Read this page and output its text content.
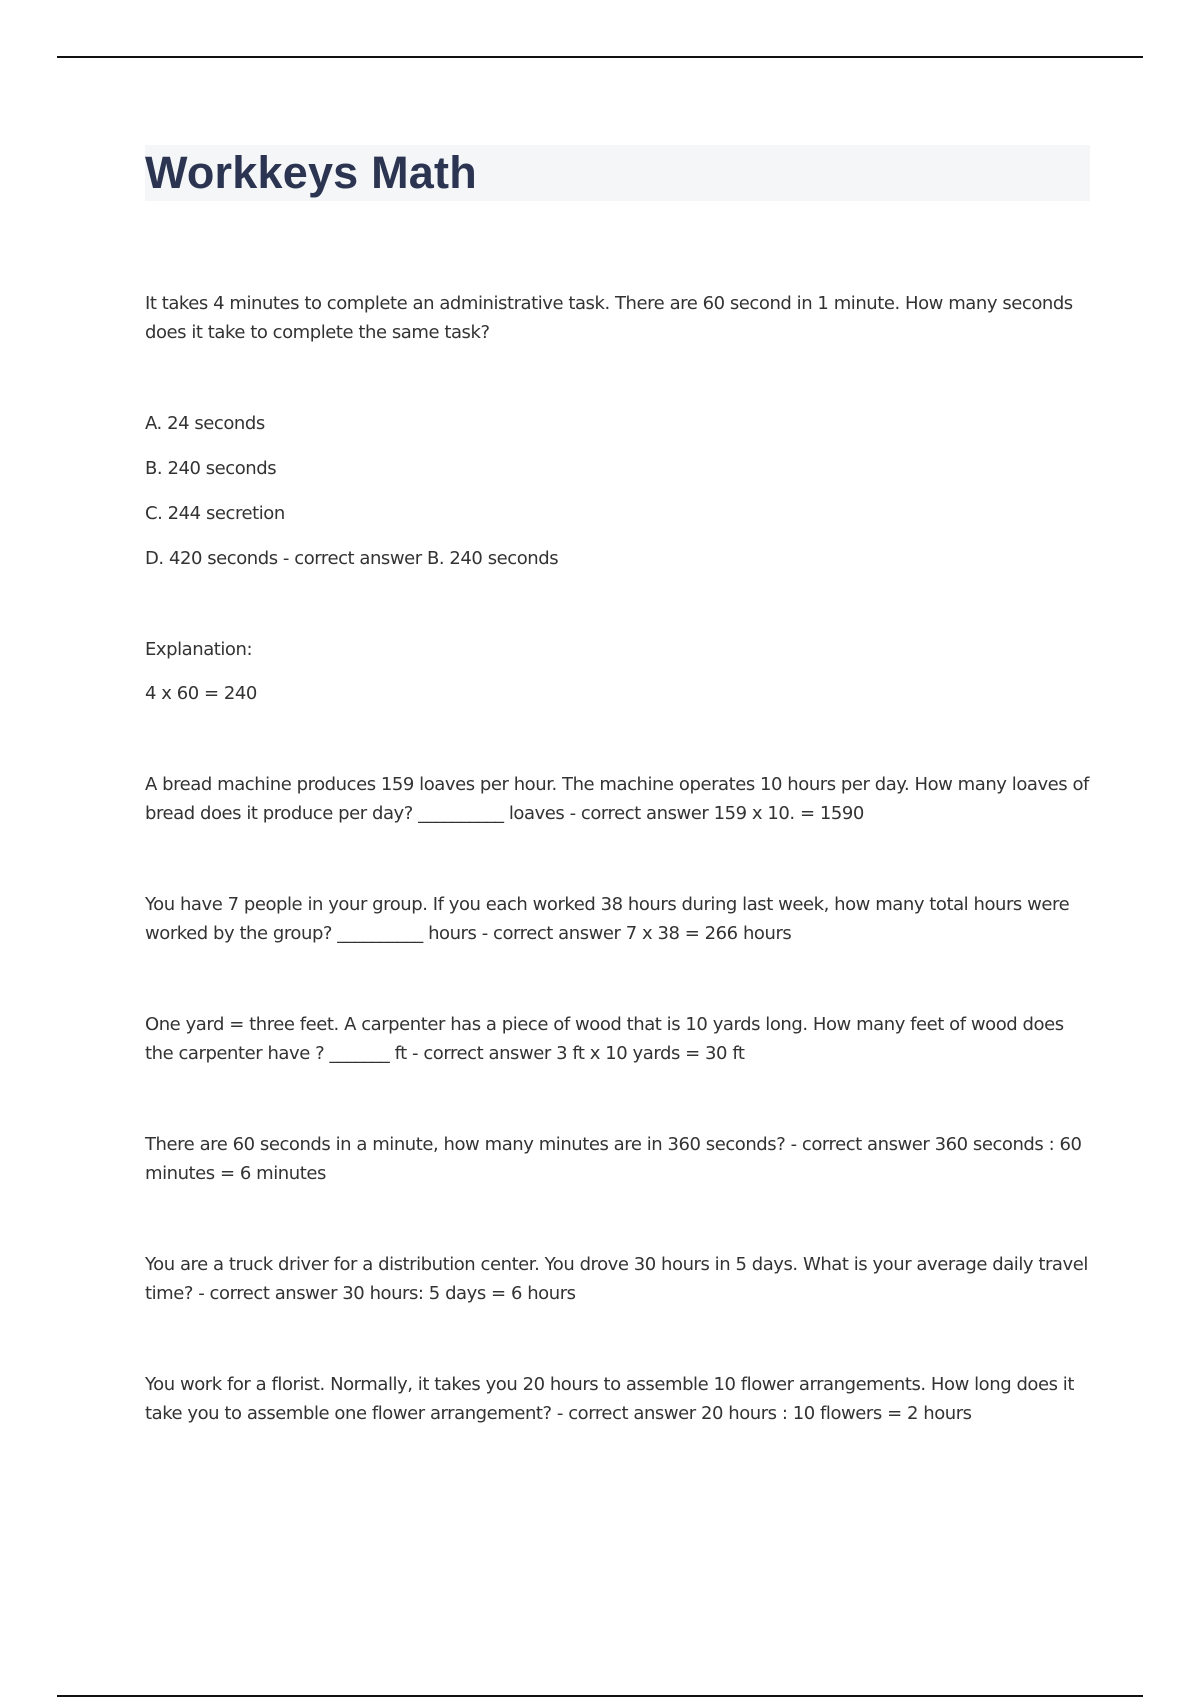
Workkeys Math

It takes 4 minutes to complete an administrative task. There are 60 second in 1 minute. How many seconds does it take to complete the same task?

A. 24 seconds

B. 240 seconds

C. 244 secretion

D. 420 seconds - correct answer B. 240 seconds

Explanation:

4 x 60 = 240

A bread machine produces 159 loaves per hour. The machine operates 10 hours per day. How many loaves of bread does it produce per day? __________ loaves - correct answer 159 x 10. = 1590

You have 7 people in your group. If you each worked 38 hours during last week, how many total hours were worked by the group? __________ hours - correct answer 7 x 38 = 266 hours

One yard = three feet. A carpenter has a piece of wood that is 10 yards long. How many feet of wood does the carpenter have ? _______ ft - correct answer 3 ft x 10 yards = 30 ft

There are 60 seconds in a minute, how many minutes are in 360 seconds? - correct answer 360 seconds : 60 minutes = 6 minutes

You are a truck driver for a distribution center. You drove 30 hours in 5 days. What is your average daily travel time? - correct answer 30 hours: 5 days = 6 hours

You work for a florist. Normally, it takes you 20 hours to assemble 10 flower arrangements. How long does it take you to assemble one flower arrangement? - correct answer 20 hours : 10 flowers = 2 hours
